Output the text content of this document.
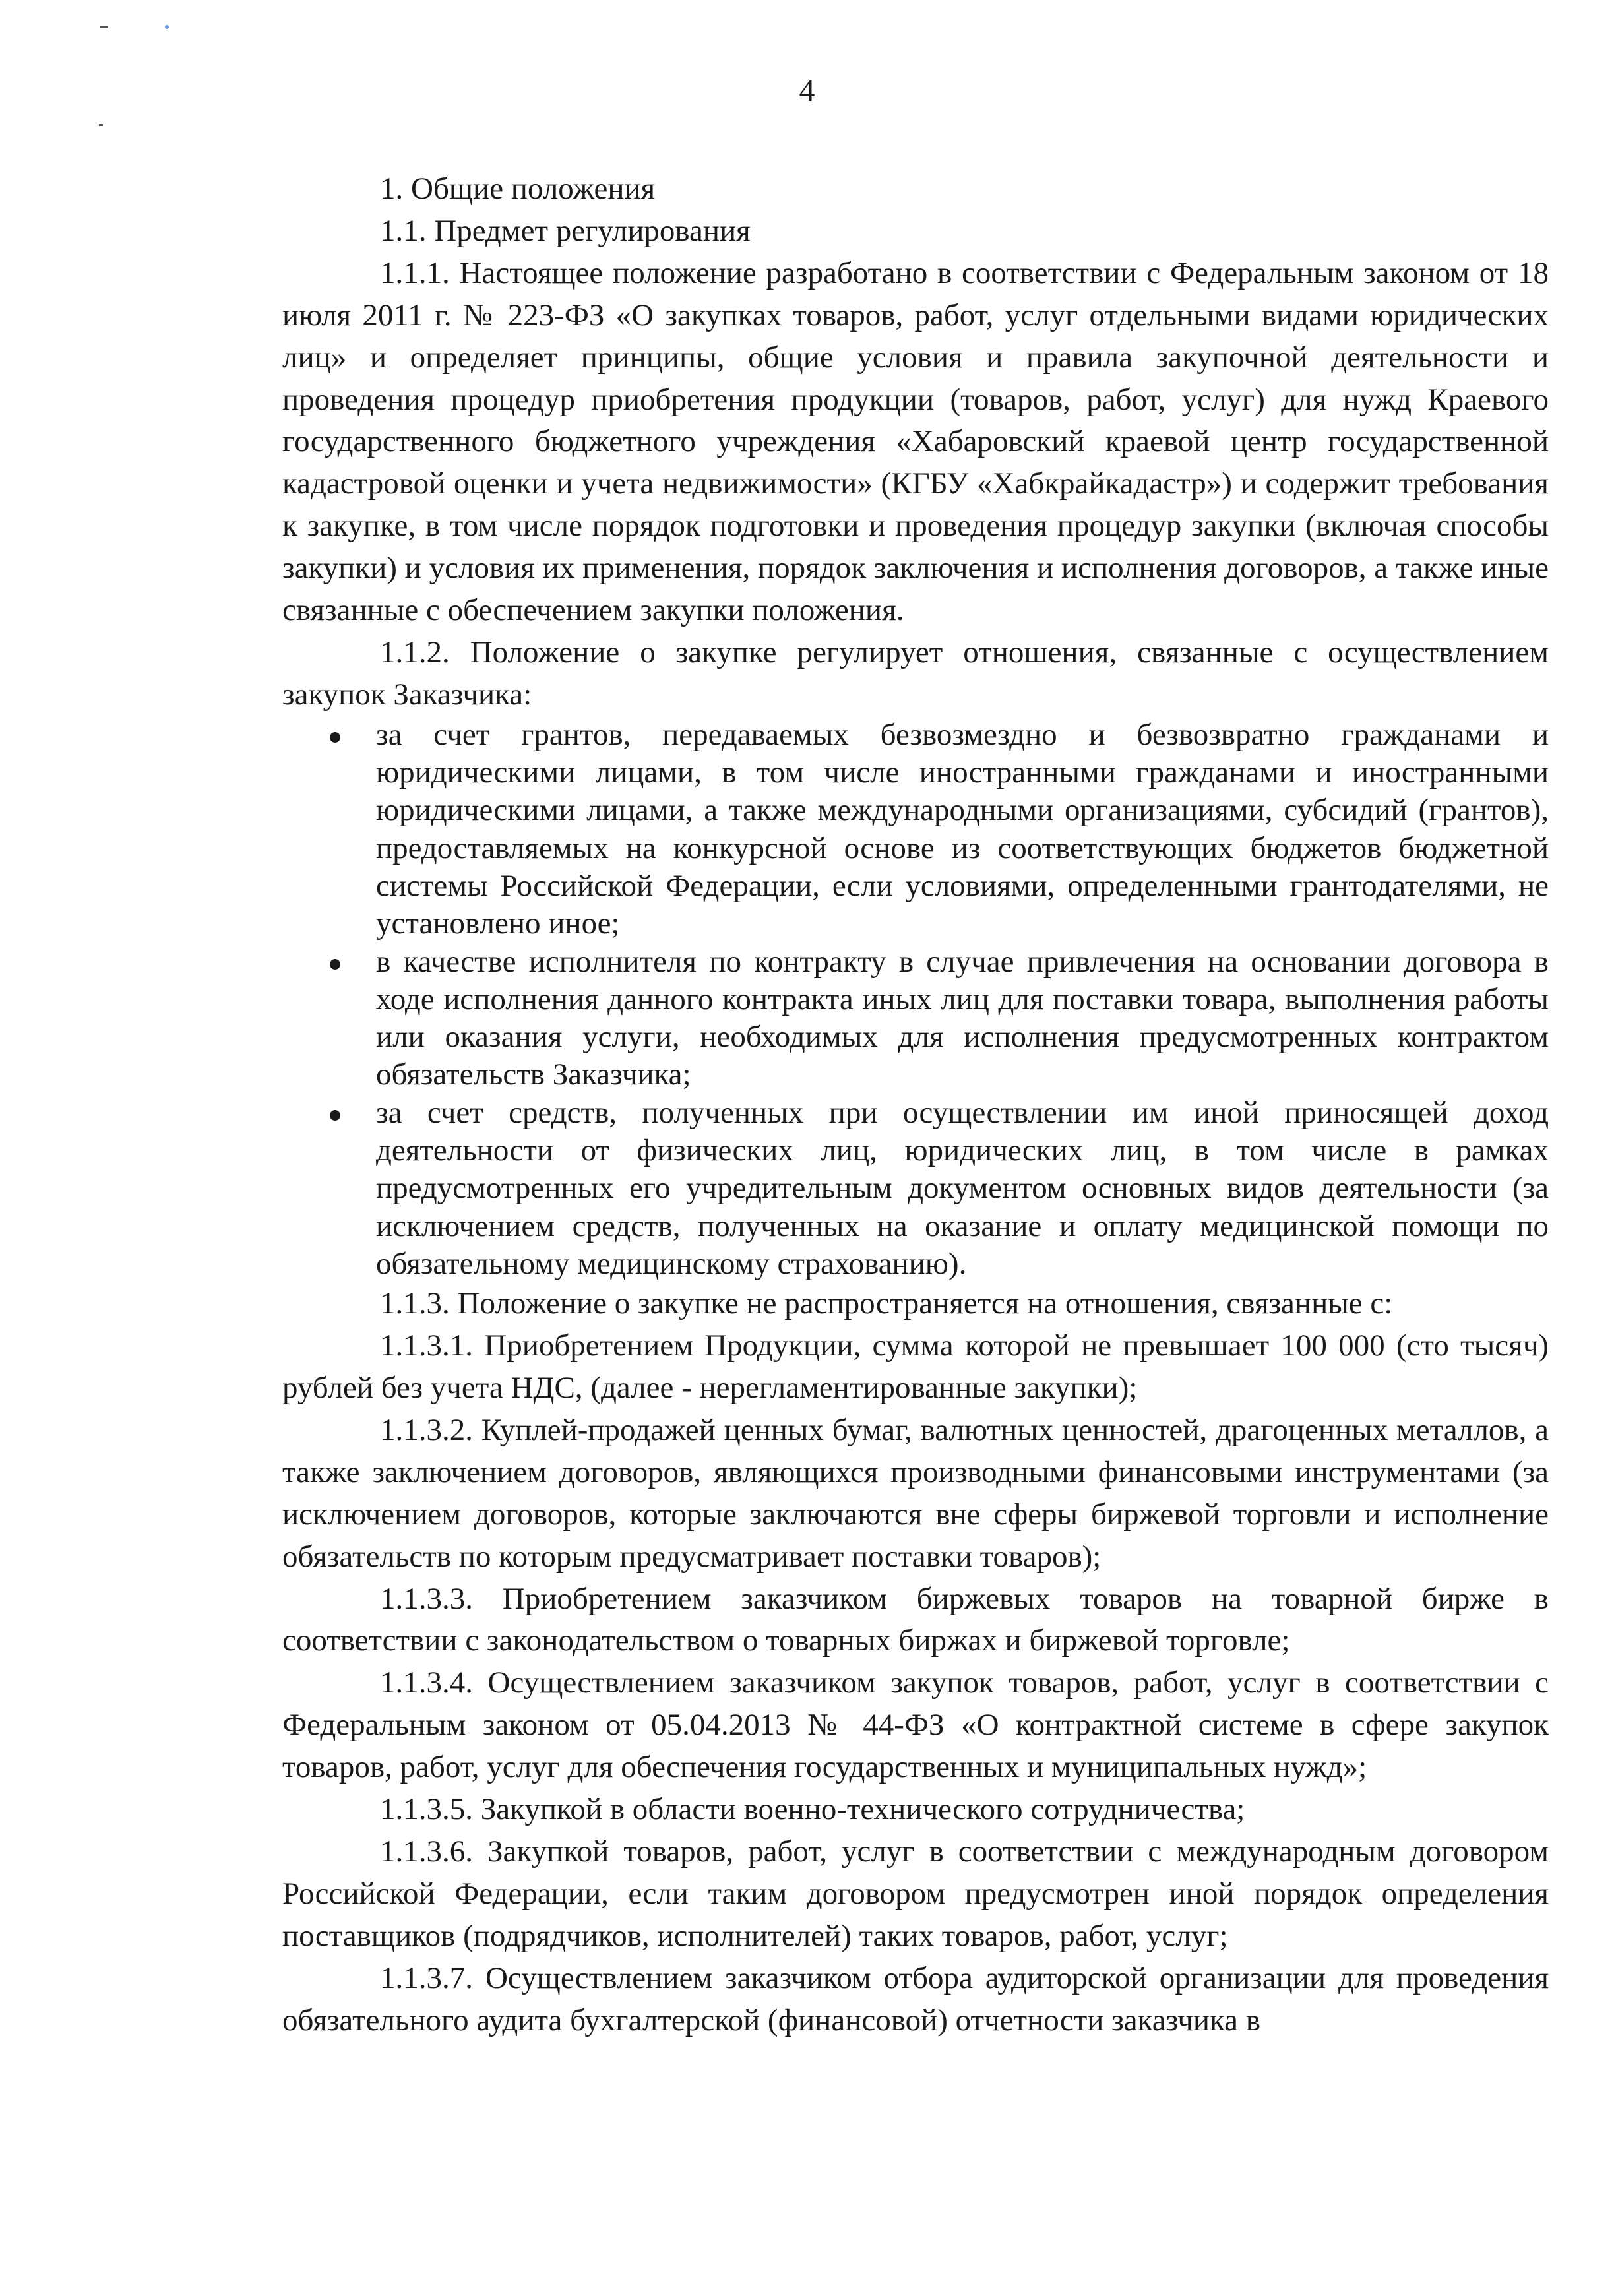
4

1. Общие положения

1.1. Предмет регулирования

1.1.1. Настоящее положение разработано в соответствии с Федеральным законом от 18 июля 2011 г. № 223-ФЗ «О закупках товаров, работ, услуг отдельными видами юридических лиц» и определяет принципы, общие условия и правила закупочной деятельности и проведения процедур приобретения продукции (товаров, работ, услуг) для нужд Краевого государственного бюджетного учреждения «Хабаровский краевой центр государственной кадастровой оценки и учета недвижимости» (КГБУ «Хабкрайкадастр») и содержит требования к закупке, в том числе порядок подготовки и проведения процедур закупки (включая способы закупки) и условия их применения, порядок заключения и исполнения договоров, а также иные связанные с обеспечением закупки положения.

1.1.2. Положение о закупке регулирует отношения, связанные с осуществлением закупок Заказчика:

за счет грантов, передаваемых безвозмездно и безвозвратно гражданами и юридическими лицами, в том числе иностранными гражданами и иностранными юридическими лицами, а также международными организациями, субсидий (грантов), предоставляемых на конкурсной основе из соответствующих бюджетов бюджетной системы Российской Федерации, если условиями, определенными грантодателями, не установлено иное;
в качестве исполнителя по контракту в случае привлечения на основании договора в ходе исполнения данного контракта иных лиц для поставки товара, выполнения работы или оказания услуги, необходимых для исполнения предусмотренных контрактом обязательств Заказчика;
за счет средств, полученных при осуществлении им иной приносящей доход деятельности от физических лиц, юридических лиц, в том числе в рамках предусмотренных его учредительным документом основных видов деятельности (за исключением средств, полученных на оказание и оплату медицинской помощи по обязательному медицинскому страхованию).

1.1.3. Положение о закупке не распространяется на отношения, связанные с:

1.1.3.1. Приобретением Продукции, сумма которой не превышает 100 000 (сто тысяч) рублей без учета НДС, (далее - нерегламентированные закупки);

1.1.3.2. Куплей-продажей ценных бумаг, валютных ценностей, драгоценных металлов, а также заключением договоров, являющихся производными финансовыми инструментами (за исключением договоров, которые заключаются вне сферы биржевой торговли и исполнение обязательств по которым предусматривает поставки товаров);

1.1.3.3. Приобретением заказчиком биржевых товаров на товарной бирже в соответствии с законодательством о товарных биржах и биржевой торговле;

1.1.3.4. Осуществлением заказчиком закупок товаров, работ, услуг в соответствии с Федеральным законом от 05.04.2013 № 44-ФЗ «О контрактной системе в сфере закупок товаров, работ, услуг для обеспечения государственных и муниципальных нужд»;

1.1.3.5. Закупкой в области военно-технического сотрудничества;

1.1.3.6. Закупкой товаров, работ, услуг в соответствии с международным договором Российской Федерации, если таким договором предусмотрен иной порядок определения поставщиков (подрядчиков, исполнителей) таких товаров, работ, услуг;

1.1.3.7. Осуществлением заказчиком отбора аудиторской организации для проведения обязательного аудита бухгалтерской (финансовой) отчетности заказчика в
